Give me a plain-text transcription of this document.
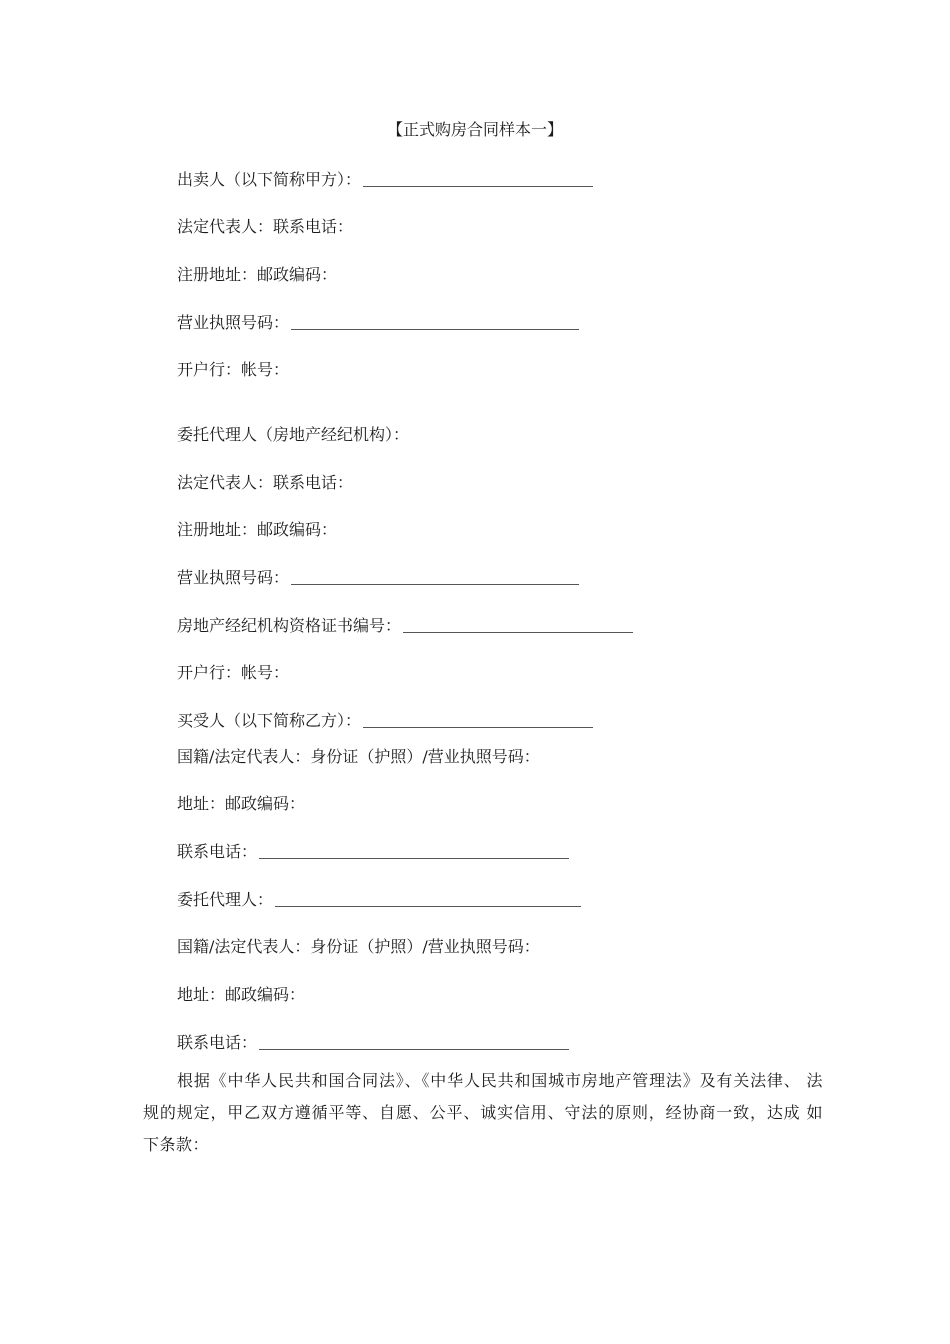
【正式购房合同样本一】
出卖人（以下简称甲方）：
法定代表人：联系电话：
注册地址：邮政编码：
营业执照号码：
开户行：帐号：
委托代理人（房地产经纪机构）：
法定代表人：联系电话：
注册地址：邮政编码：
营业执照号码：
房地产经纪机构资格证书编号：
开户行：帐号：
买受人（以下简称乙方）：
国籍/法定代表人：身份证（护照）/营业执照号码：
地址：邮政编码：
联系电话：
委托代理人：
国籍/法定代表人：身份证（护照）/营业执照号码：
地址：邮政编码：
联系电话：
根据《中华人民共和国合同法》、《中华人民共和国城市房地产管理法》及有关法律、 法规的规定，甲乙双方遵循平等、自愿、公平、诚实信用、守法的原则，经协商一致，达成 如下条款：
